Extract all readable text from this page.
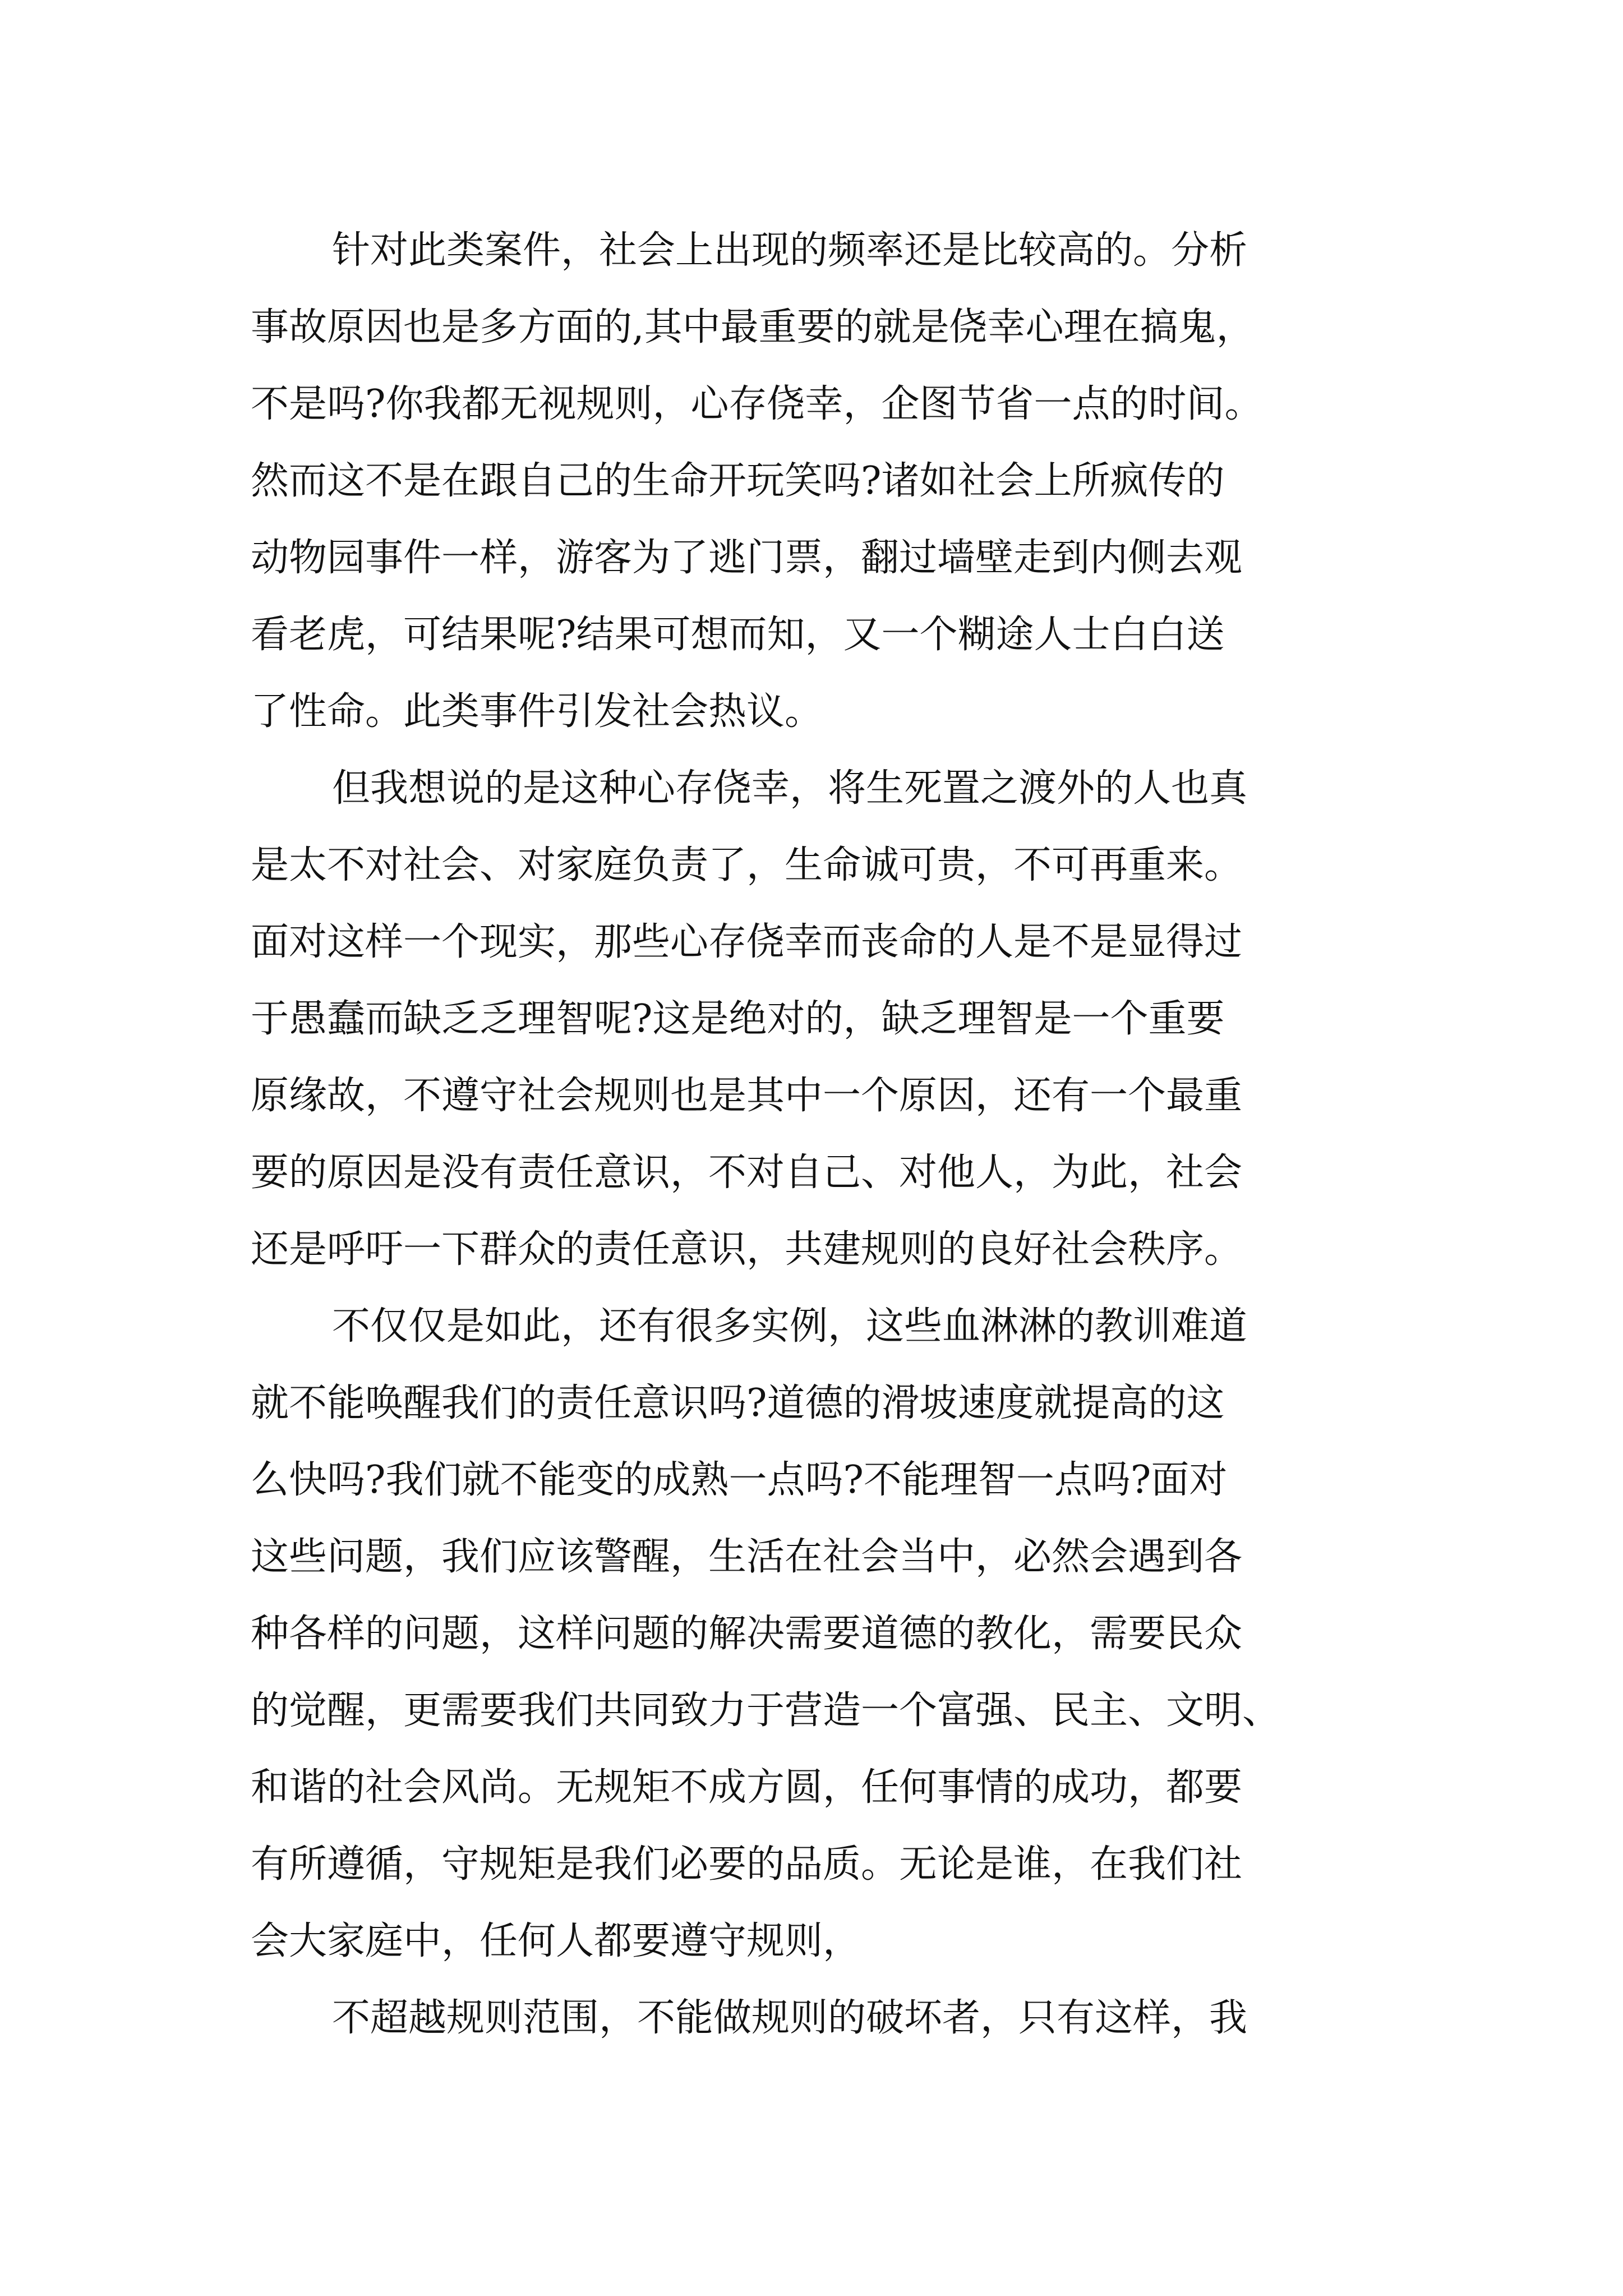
针对此类案件，社会上出现的频率还是比较高的。分析
事故原因也是多方面的,其中最重要的就是侥幸心理在搞鬼，
不是吗?你我都无视规则，心存侥幸，企图节省一点的时间。
然而这不是在跟自己的生命开玩笑吗?诸如社会上所疯传的
动物园事件一样，游客为了逃门票，翻过墙壁走到内侧去观
看老虎，可结果呢?结果可想而知，又一个糊途人士白白送
了性命。此类事件引发社会热议。
但我想说的是这种心存侥幸，将生死置之渡外的人也真
是太不对社会、对家庭负责了，生命诚可贵，不可再重来。
面对这样一个现实，那些心存侥幸而丧命的人是不是显得过
于愚蠢而缺乏乏理智呢?这是绝对的，缺乏理智是一个重要
原缘故，不遵守社会规则也是其中一个原因，还有一个最重
要的原因是没有责任意识，不对自己、对他人，为此，社会
还是呼吁一下群众的责任意识，共建规则的良好社会秩序。
不仅仅是如此，还有很多实例，这些血淋淋的教训难道
就不能唤醒我们的责任意识吗?道德的滑坡速度就提高的这
么快吗?我们就不能变的成熟一点吗?不能理智一点吗?面对
这些问题，我们应该警醒，生活在社会当中，必然会遇到各
种各样的问题，这样问题的解决需要道德的教化，需要民众
的觉醒，更需要我们共同致力于营造一个富强、民主、文明、
和谐的社会风尚。无规矩不成方圆，任何事情的成功，都要
有所遵循，守规矩是我们必要的品质。无论是谁，在我们社
会大家庭中，任何人都要遵守规则，
不超越规则范围，不能做规则的破坏者，只有这样，我
